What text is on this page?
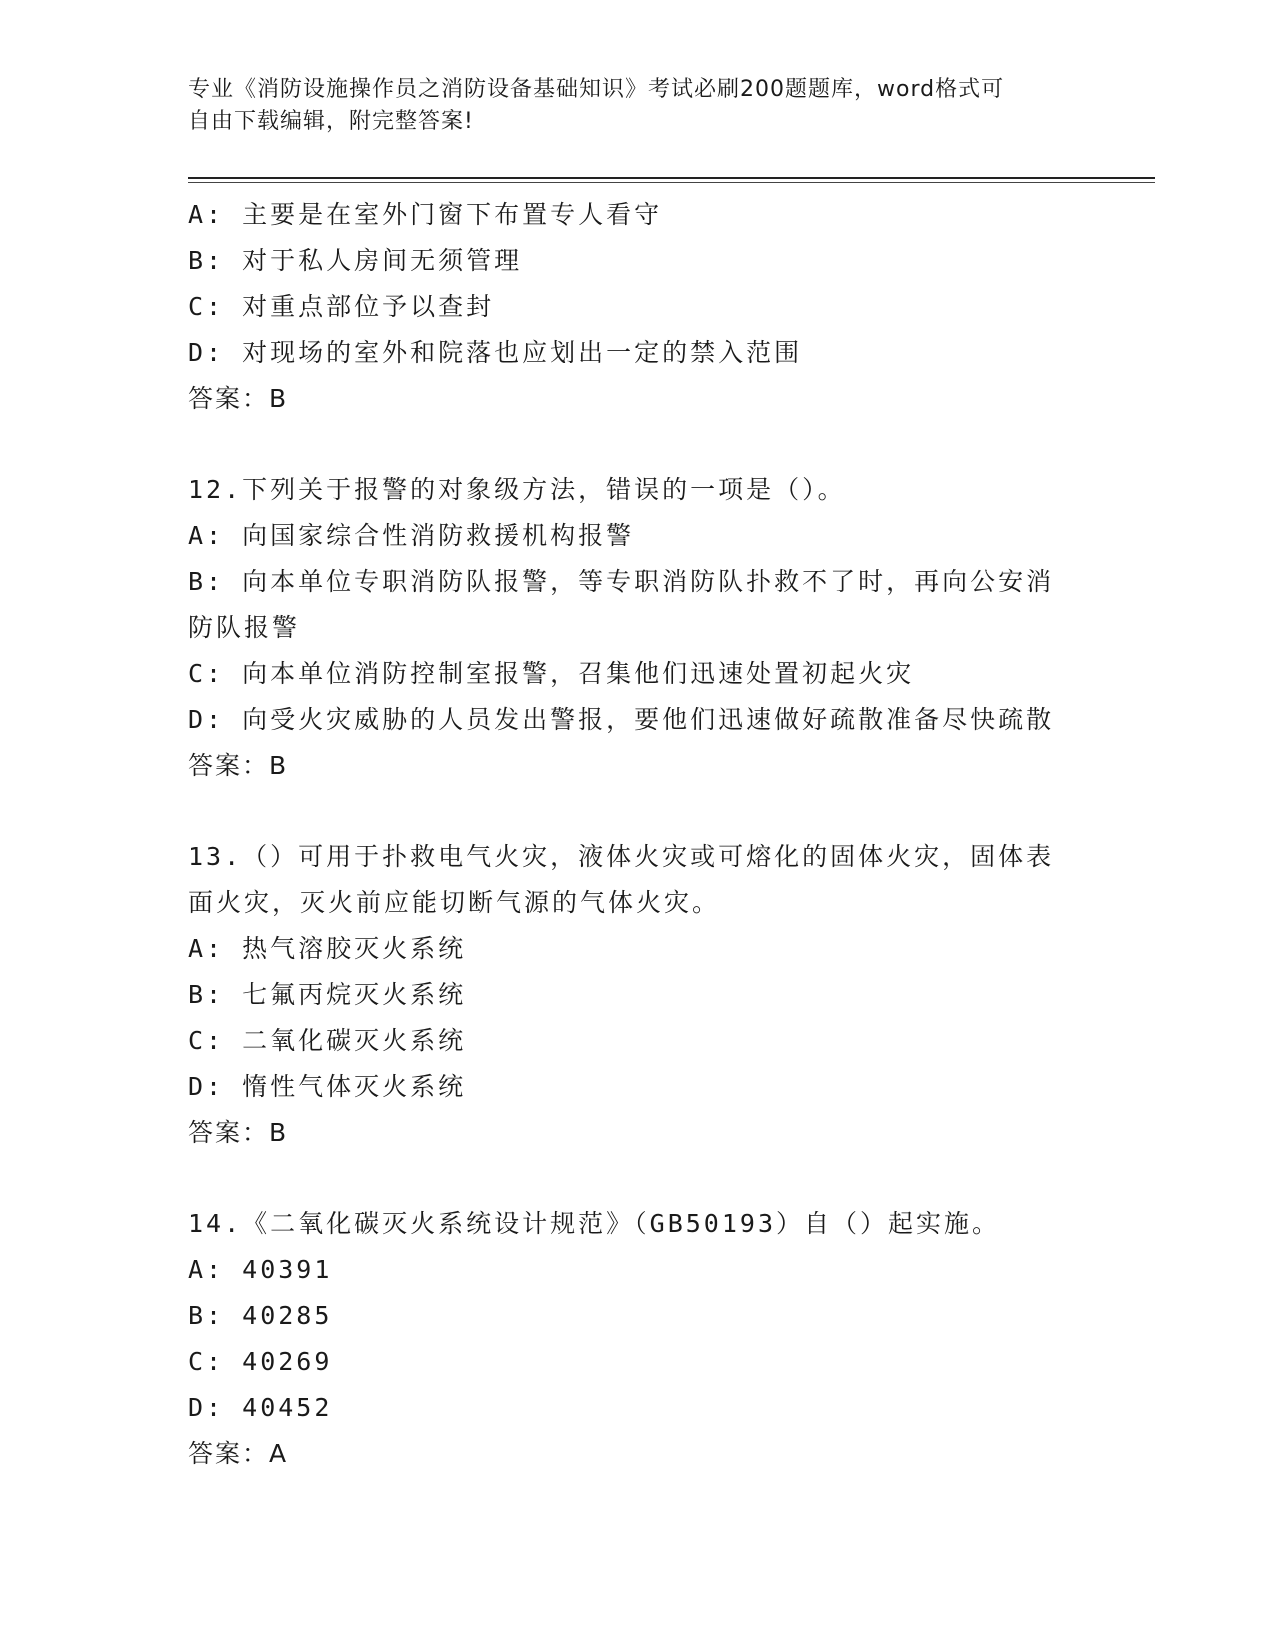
专业《消防设施操作员之消防设备基础知识》考试必刷200题题库，word格式可
自由下载编辑，附完整答案!
A: 主要是在室外门窗下布置专人看守
B: 对于私人房间无须管理
C: 对重点部位予以查封
D: 对现场的室外和院落也应划出一定的禁入范围
答案：B
12.下列关于报警的对象级方法，错误的一项是（）。
A: 向国家综合性消防救援机构报警
B: 向本单位专职消防队报警，等专职消防队扑救不了时，再向公安消
防队报警
C: 向本单位消防控制室报警，召集他们迅速处置初起火灾
D: 向受火灾威胁的人员发出警报，要他们迅速做好疏散准备尽快疏散
答案：B
13.（）可用于扑救电气火灾，液体火灾或可熔化的固体火灾，固体表
面火灾，灭火前应能切断气源的气体火灾。
A: 热气溶胶灭火系统
B: 七氟丙烷灭火系统
C: 二氧化碳灭火系统
D: 惰性气体灭火系统
答案：B
14.《二氧化碳灭火系统设计规范》（GB50193）自（）起实施。
A: 40391
B: 40285
C: 40269
D: 40452
答案：A
